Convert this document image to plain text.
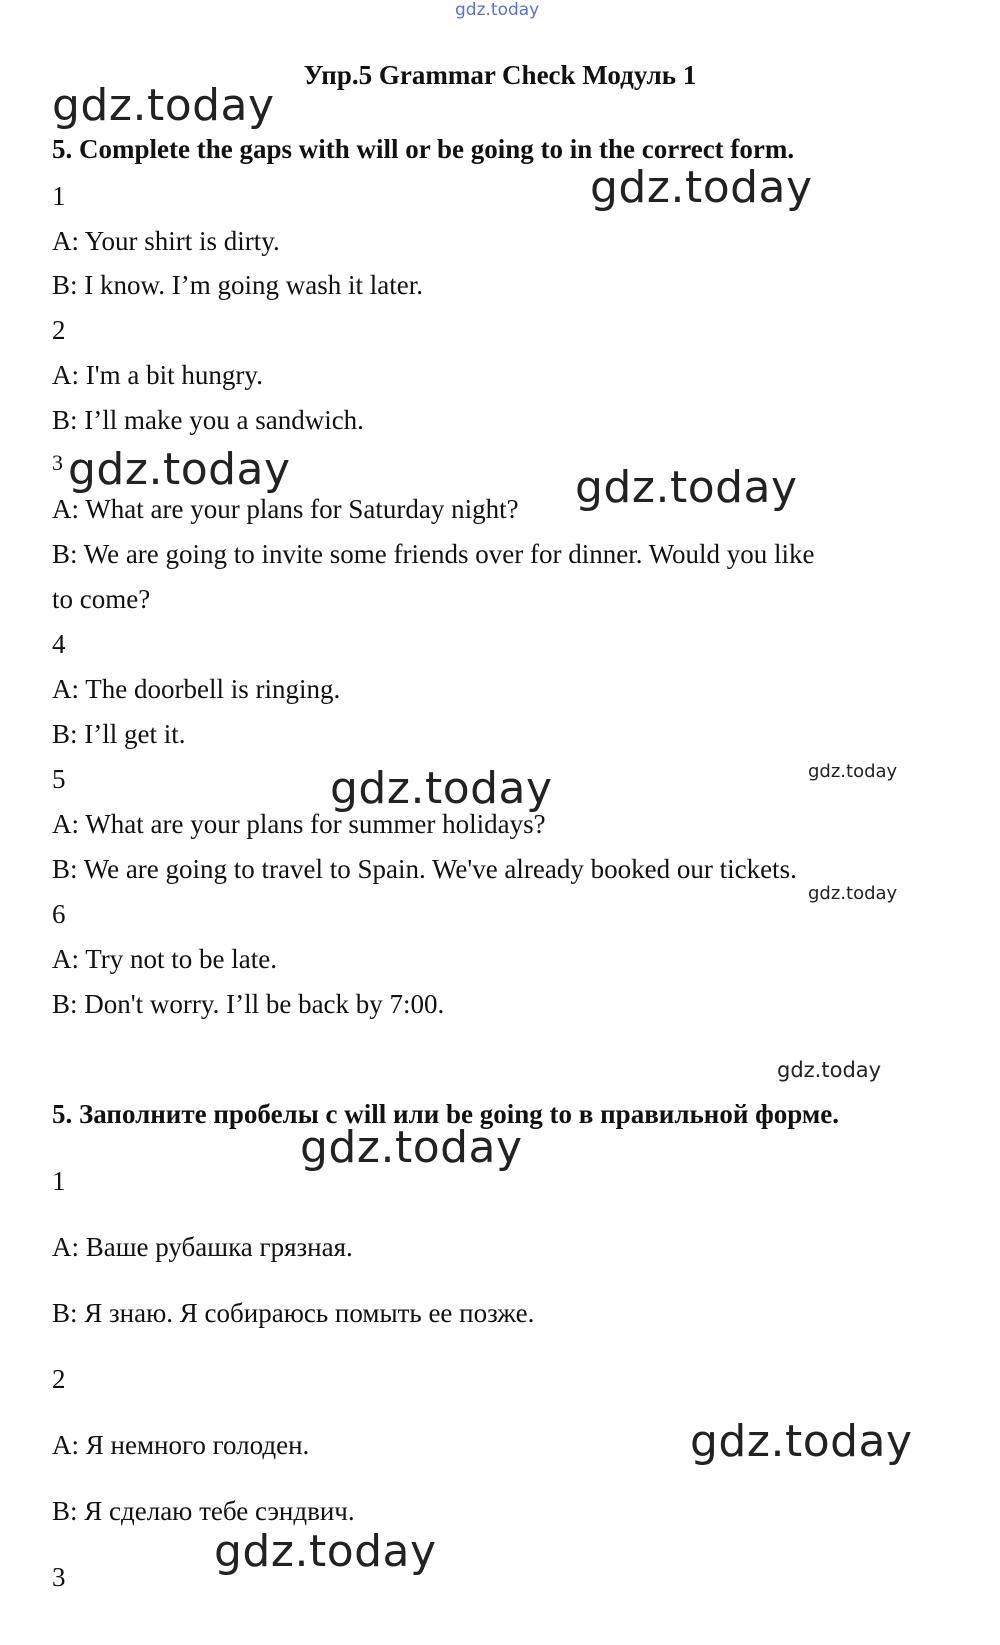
gdz.today
gdz.today
gdz.today
gdz.today	gdz.today
gdz.today	gdz.today
gdz.today
gdz.today
gdz.today
gdz.today
gdz.today
Упр.5 Grammar Check Модуль 1
5. Complete the gaps with will or be going to in the correct form.
1
A: Your shirt is dirty.
B: I know. I’m going wash it later.
2
A: I'm a bit hungry.
B: I’ll make you a sandwich.
3
A: What are your plans for Saturday night?
B: We are going to invite some friends over for dinner. Would you like
to come?
4
A: The doorbell is ringing.
B: I’ll get it.
5
A: What are your plans for summer holidays?
B: We are going to travel to Spain. We've already booked our tickets.
6
A: Try not to be late.
B: Don't worry. I’ll be back by 7:00.
5. Заполните пробелы с will или be going to в правильной форме.
1
A: Ваше рубашка грязная.
B: Я знаю. Я собираюсь помыть ее позже.
2
A: Я немного голоден.
B: Я сделаю тебе сэндвич.
3
